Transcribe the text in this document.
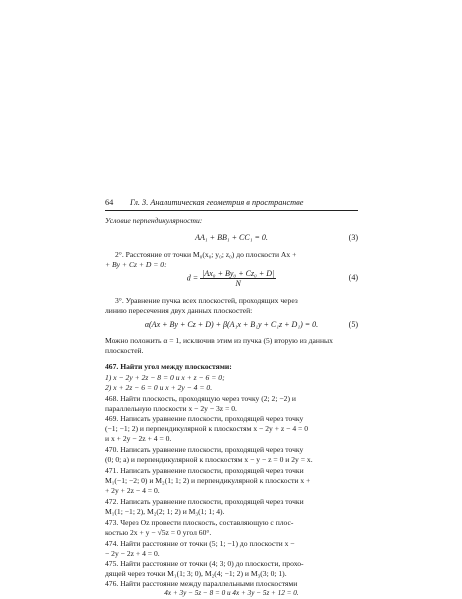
64 Гл. 3. Аналитическая геометрия в пространстве
Условие перпендикулярности:
AA₁ + BB₁ + CC₁ = 0.	(3)
2°. Расстояние от точки M₀(x₀; y₀; z₀) до плоскости Ax +
+ By + Cz + D = 0:
$d = \frac{\text{|Ax₀ + By₀ + Cz₀ + D|}}{N}$	(4)
3°. Уравнение пучка всех плоскостей, проходящих через
линию пересечения двух данных плоскостей:
α(Ax + By + Cz + D) + β(A₁x + B₁y + C₁z + D₁) = 0.	(5)
Можно положить α = 1, исключив этим из пучка (5) вторую из данных
плоскостей.
467. Найти угол между плоскостями:
1) x − 2y + 2z − 8 = 0 и x + z − 6 = 0;
2) x + 2z − 6 = 0 и x + 2y − 4 = 0.
468. Найти плоскость, проходящую через точку (2; 2; −2) и
параллельную плоскости x − 2y − 3z = 0.
469. Написать уравнение плоскости, проходящей через точку
(−1; −1; 2) и перпендикулярной к плоскостям x − 2y + z − 4 = 0
и x + 2y − 2z + 4 = 0.
470. Написать уравнение плоскости, проходящей через точку
(0; 0; a) и перпендикулярной к плоскостям x − y − z = 0 и 2y = x.
471. Написать уравнение плоскости, проходящей через точки
M₁(−1; −2; 0) и M₂(1; 1; 2) и перпендикулярной к плоскости x +
+ 2y + 2z − 4 = 0.
472. Написать уравнение плоскости, проходящей через точки
M₁(1; −1; 2), M₂(2; 1; 2) и M₃(1; 1; 4).
473. Через Oz провести плоскость, составляющую с плос-
костью 2x + y − √5z = 0 угол 60°.
474. Найти расстояние от точки (5; 1; −1) до плоскости x −
− 2y − 2z + 4 = 0.
475. Найти расстояние от точки (4; 3; 0) до плоскости, прохо-
дящей через точки M₁(1; 3; 0), M₂(4; −1; 2) и M₃(3; 0; 1).
476. Найти расстояние между параллельными плоскостями
4x + 3y − 5z − 8 = 0 и 4x + 3y − 5z + 12 = 0.
